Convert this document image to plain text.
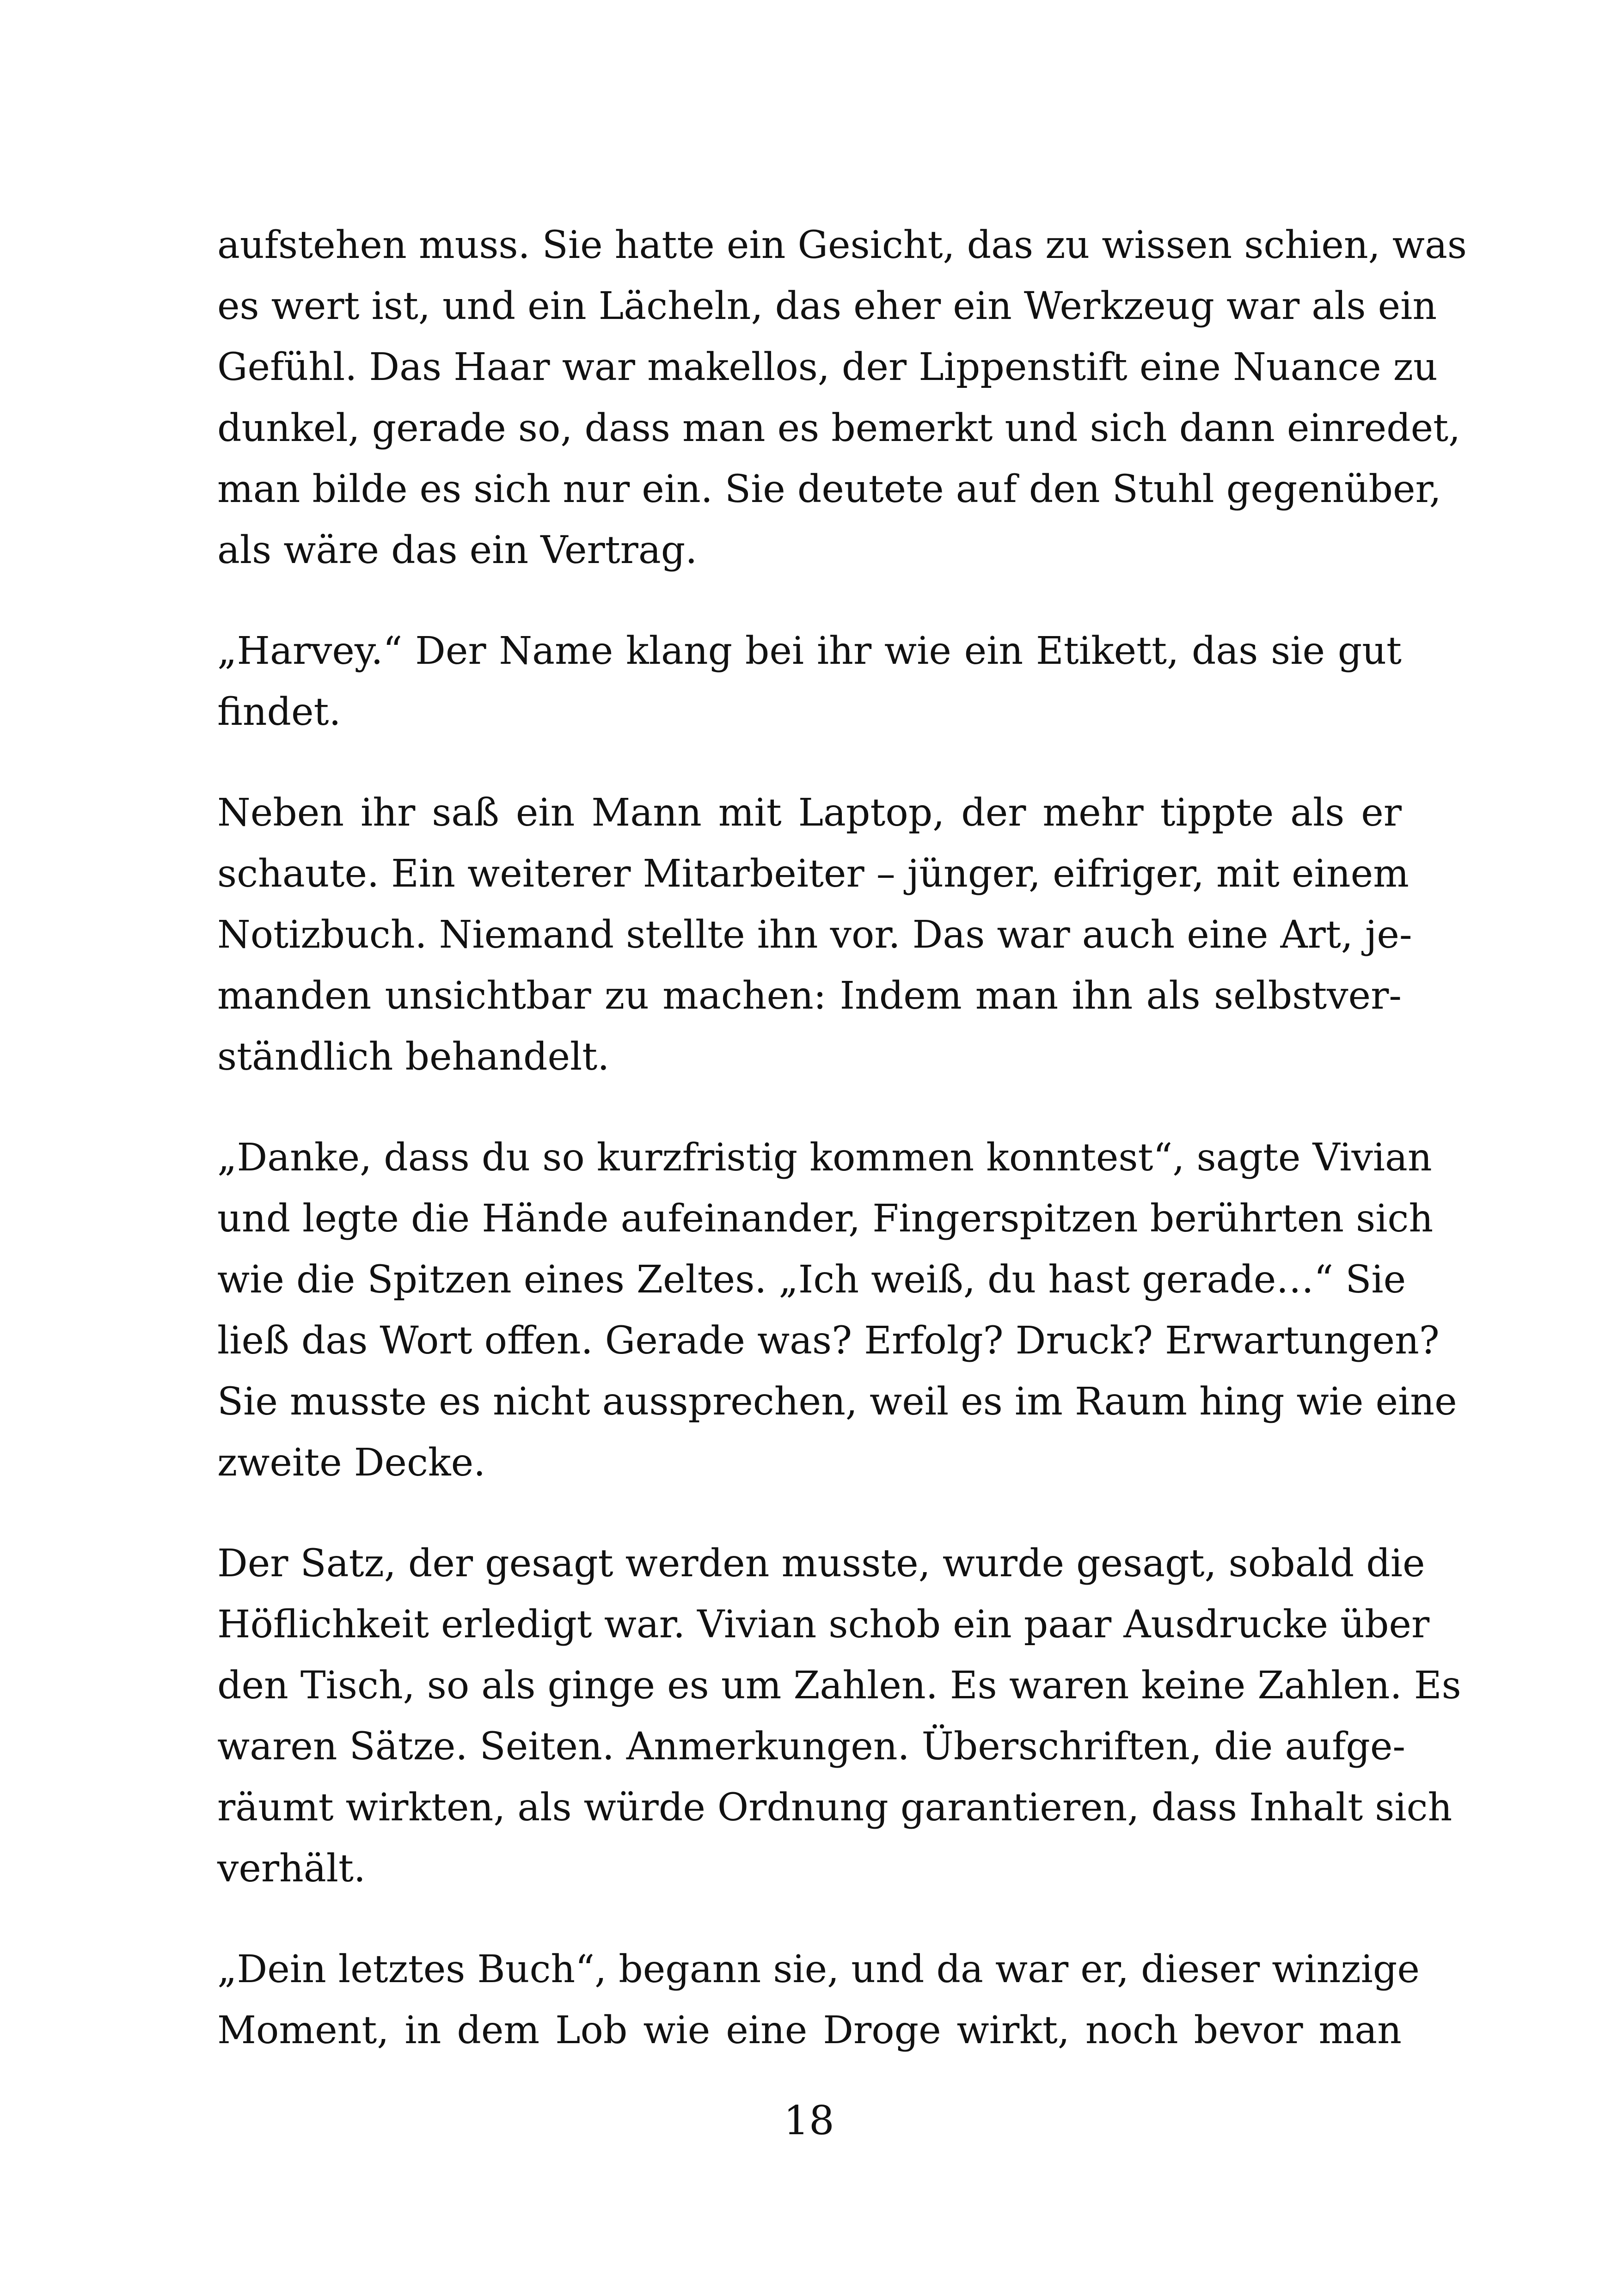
aufstehen muss. Sie hatte ein Gesicht, das zu wissen schien, was
es wert ist, und ein Lächeln, das eher ein Werkzeug war als ein
Gefühl. Das Haar war makellos, der Lippenstift eine Nuance zu
dunkel, gerade so, dass man es bemerkt und sich dann einredet,
man bilde es sich nur ein. Sie deutete auf den Stuhl gegenüber,
als wäre das ein Vertrag.
„Harvey.“ Der Name klang bei ihr wie ein Etikett, das sie gut
findet.
Neben ihr saß ein Mann mit Laptop, der mehr tippte als er
schaute. Ein weiterer Mitarbeiter – jünger, eifriger, mit einem
Notizbuch. Niemand stellte ihn vor. Das war auch eine Art, je-
manden unsichtbar zu machen: Indem man ihn als selbstver-
ständlich behandelt.
„Danke, dass du so kurzfristig kommen konntest“, sagte Vivian
und legte die Hände aufeinander, Fingerspitzen berührten sich
wie die Spitzen eines Zeltes. „Ich weiß, du hast gerade…“ Sie
ließ das Wort offen. Gerade was? Erfolg? Druck? Erwartungen?
Sie musste es nicht aussprechen, weil es im Raum hing wie eine
zweite Decke.
Der Satz, der gesagt werden musste, wurde gesagt, sobald die
Höflichkeit erledigt war. Vivian schob ein paar Ausdrucke über
den Tisch, so als ginge es um Zahlen. Es waren keine Zahlen. Es
waren Sätze. Seiten. Anmerkungen. Überschriften, die aufge-
räumt wirkten, als würde Ordnung garantieren, dass Inhalt sich
verhält.
„Dein letztes Buch“, begann sie, und da war er, dieser winzige
Moment, in dem Lob wie eine Droge wirkt, noch bevor man
18
